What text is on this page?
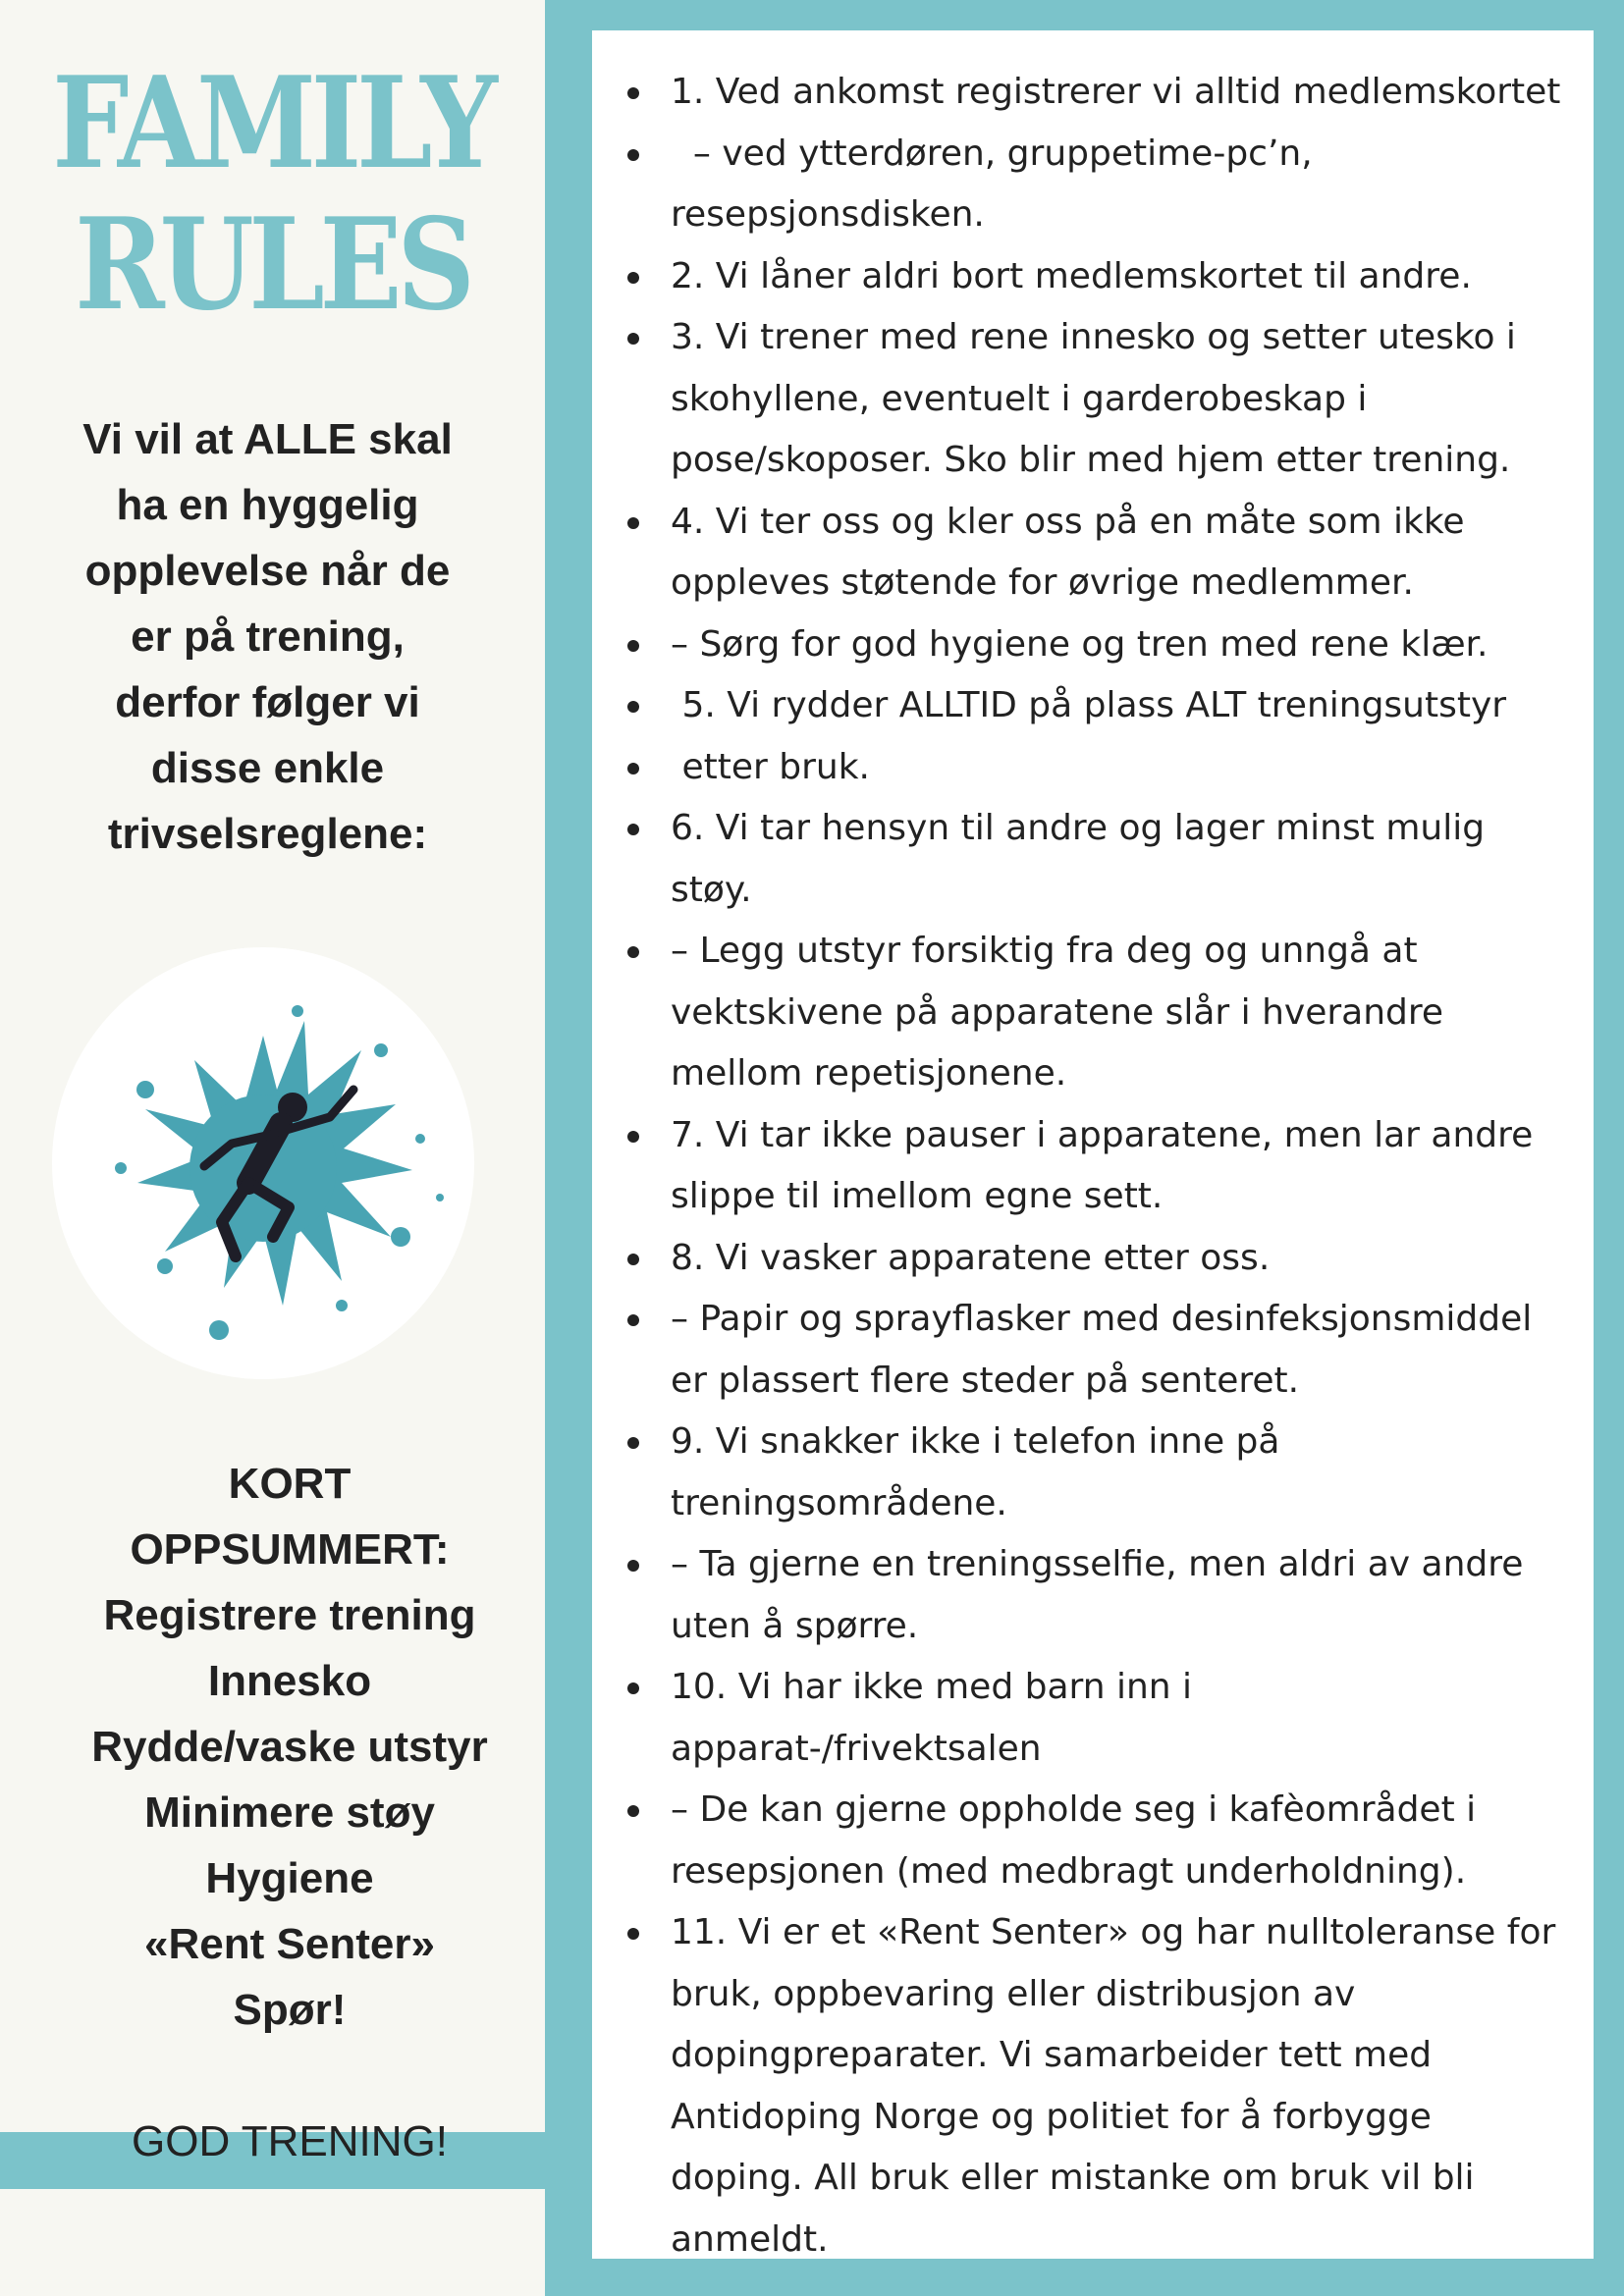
FAMILY
RULES
Vi vil at ALLE skal
ha en hyggelig
opplevelse når de
er på trening,
derfor følger vi
disse enkle
trivselsreglene:
KORT
OPPSUMMERT:
Registrere trening
Innesko
Rydde/vaske utstyr
Minimere støy
Hygiene
«Rent Senter»
Spør!
GOD TRENING!
1. Ved ankomst registrerer vi alltid medlemskortet
– ved ytterdøren, gruppetime-pc’n, resepsjonsdisken.
2. Vi låner aldri bort medlemskortet til andre.
3. Vi trener med rene innesko og setter utesko i skohyllene, eventuelt i garderobeskap i pose/skoposer. Sko blir med hjem etter trening.
4. Vi ter oss og kler oss på en måte som ikke oppleves støtende for øvrige medlemmer.
– Sørg for god hygiene og tren med rene klær.
5. Vi rydder ALLTID på plass ALT treningsutstyr
etter bruk.
6. Vi tar hensyn til andre og lager minst mulig støy.
– Legg utstyr forsiktig fra deg og unngå at vektskivene på apparatene slår i hverandre mellom repetisjonene.
7. Vi tar ikke pauser i apparatene, men lar andre slippe til imellom egne sett.
8. Vi vasker apparatene etter oss.
– Papir og sprayflasker med desinfeksjonsmiddel er plassert flere steder på senteret.
9. Vi snakker ikke i telefon inne på treningsområdene.
– Ta gjerne en treningsselfie, men aldri av andre uten å spørre.
10. Vi har ikke med barn inn i apparat-/frivektsalen
– De kan gjerne oppholde seg i kafèområdet i resepsjonen (med medbragt underholdning).
11. Vi er et «Rent Senter» og har nulltoleranse for bruk, oppbevaring eller distribusjon av dopingpreparater. Vi samarbeider tett med Antidoping Norge og politiet for å forbygge doping. All bruk eller mistanke om bruk vil bli anmeldt.
